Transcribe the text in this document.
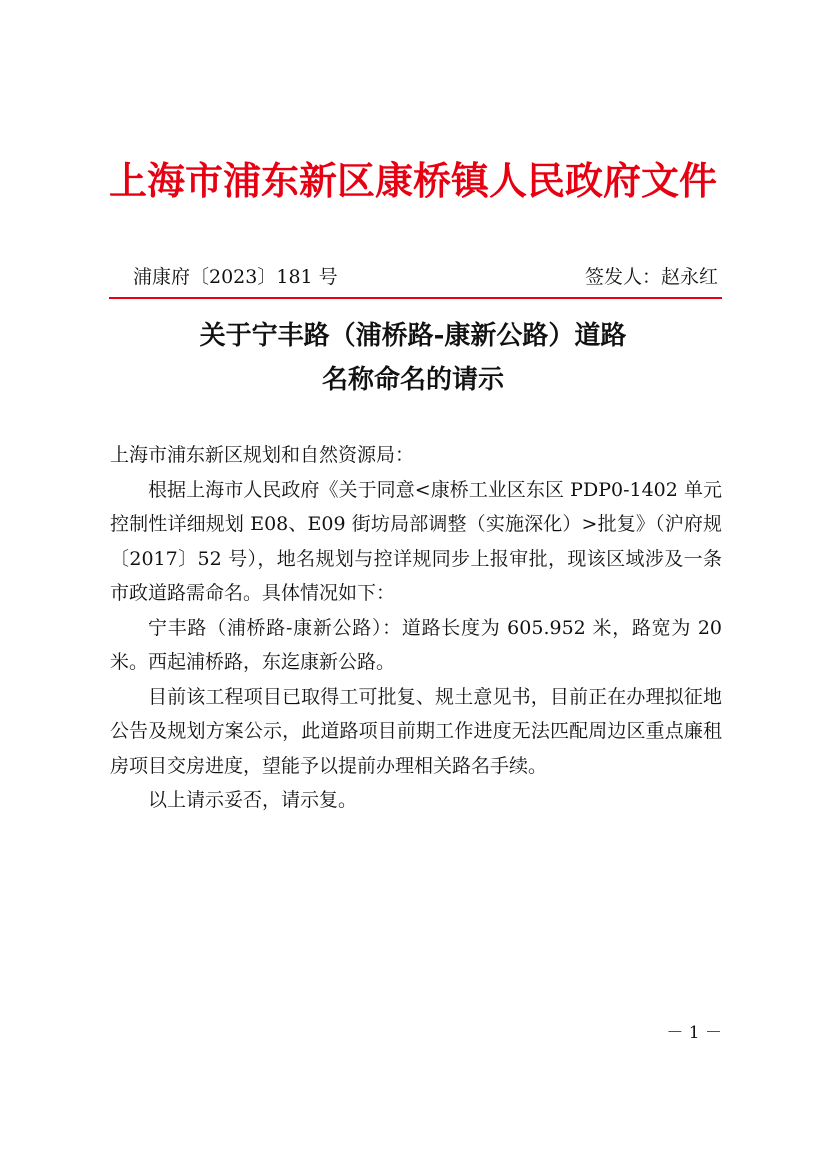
上海市浦东新区康桥镇人民政府文件
浦康府〔2023〕181 号	签发人：赵永红
关于宁丰路（浦桥路-康新公路）道路
名称命名的请示

上海市浦东新区规划和自然资源局：

根据上海市人民政府《关于同意<康桥工业区东区 PDP0-1402 单元控制性详细规划 E08、E09 街坊局部调整（实施深化）>批复》（沪府规〔2017〕52 号），地名规划与控详规同步上报审批，现该区域涉及一条市政道路需命名。具体情况如下：

宁丰路（浦桥路-康新公路）：道路长度为 605.952 米，路宽为 20 米。西起浦桥路，东迄康新公路。

目前该工程项目已取得工可批复、规土意见书，目前正在办理拟征地公告及规划方案公示，此道路项目前期工作进度无法匹配周边区重点廉租房项目交房进度，望能予以提前办理相关路名手续。

以上请示妥否，请示复。

－ 1 －
